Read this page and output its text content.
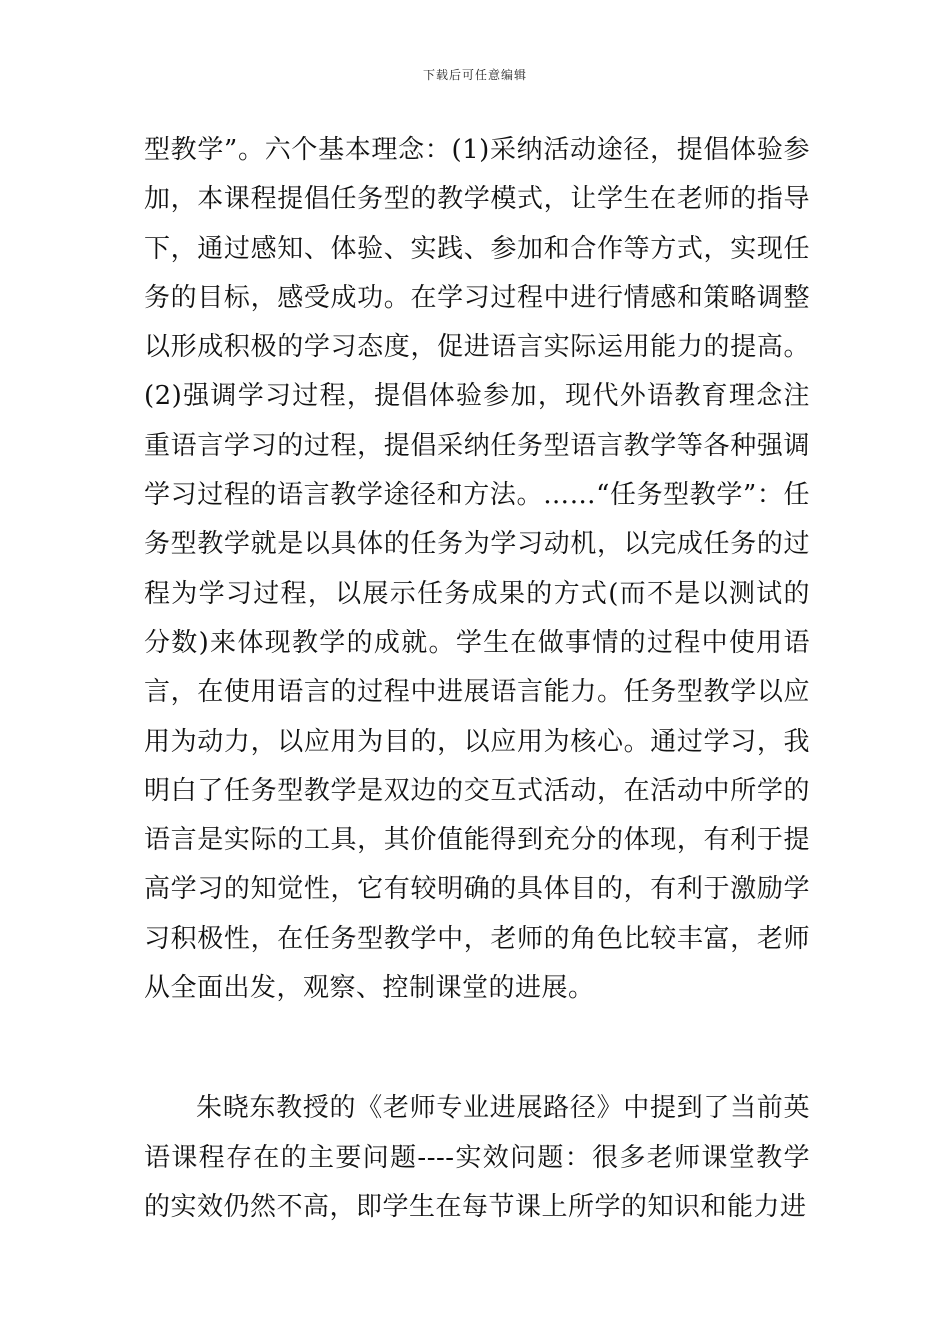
下载后可任意编辑

型教学”。六个基本理念：(1)采纳活动途径，提倡体验参加，本课程提倡任务型的教学模式，让学生在老师的指导下，通过感知、体验、实践、参加和合作等方式，实现任务的目标，感受成功。在学习过程中进行情感和策略调整以形成积极的学习态度，促进语言实际运用能力的提高。(2)强调学习过程，提倡体验参加，现代外语教育理念注重语言学习的过程，提倡采纳任务型语言教学等各种强调学习过程的语言教学途径和方法。……“任务型教学”：任务型教学就是以具体的任务为学习动机，以完成任务的过程为学习过程，以展示任务成果的方式(而不是以测试的分数)来体现教学的成就。学生在做事情的过程中使用语言，在使用语言的过程中进展语言能力。任务型教学以应用为动力，以应用为目的，以应用为核心。通过学习，我明白了任务型教学是双边的交互式活动，在活动中所学的语言是实际的工具，其价值能得到充分的体现，有利于提高学习的知觉性，它有较明确的具体目的，有利于激励学习积极性，在任务型教学中，老师的角色比较丰富，老师从全面出发，观察、控制课堂的进展。

朱晓东教授的《老师专业进展路径》中提到了当前英语课程存在的主要问题----实效问题：很多老师课堂教学的实效仍然不高，即学生在每节课上所学的知识和能力进
